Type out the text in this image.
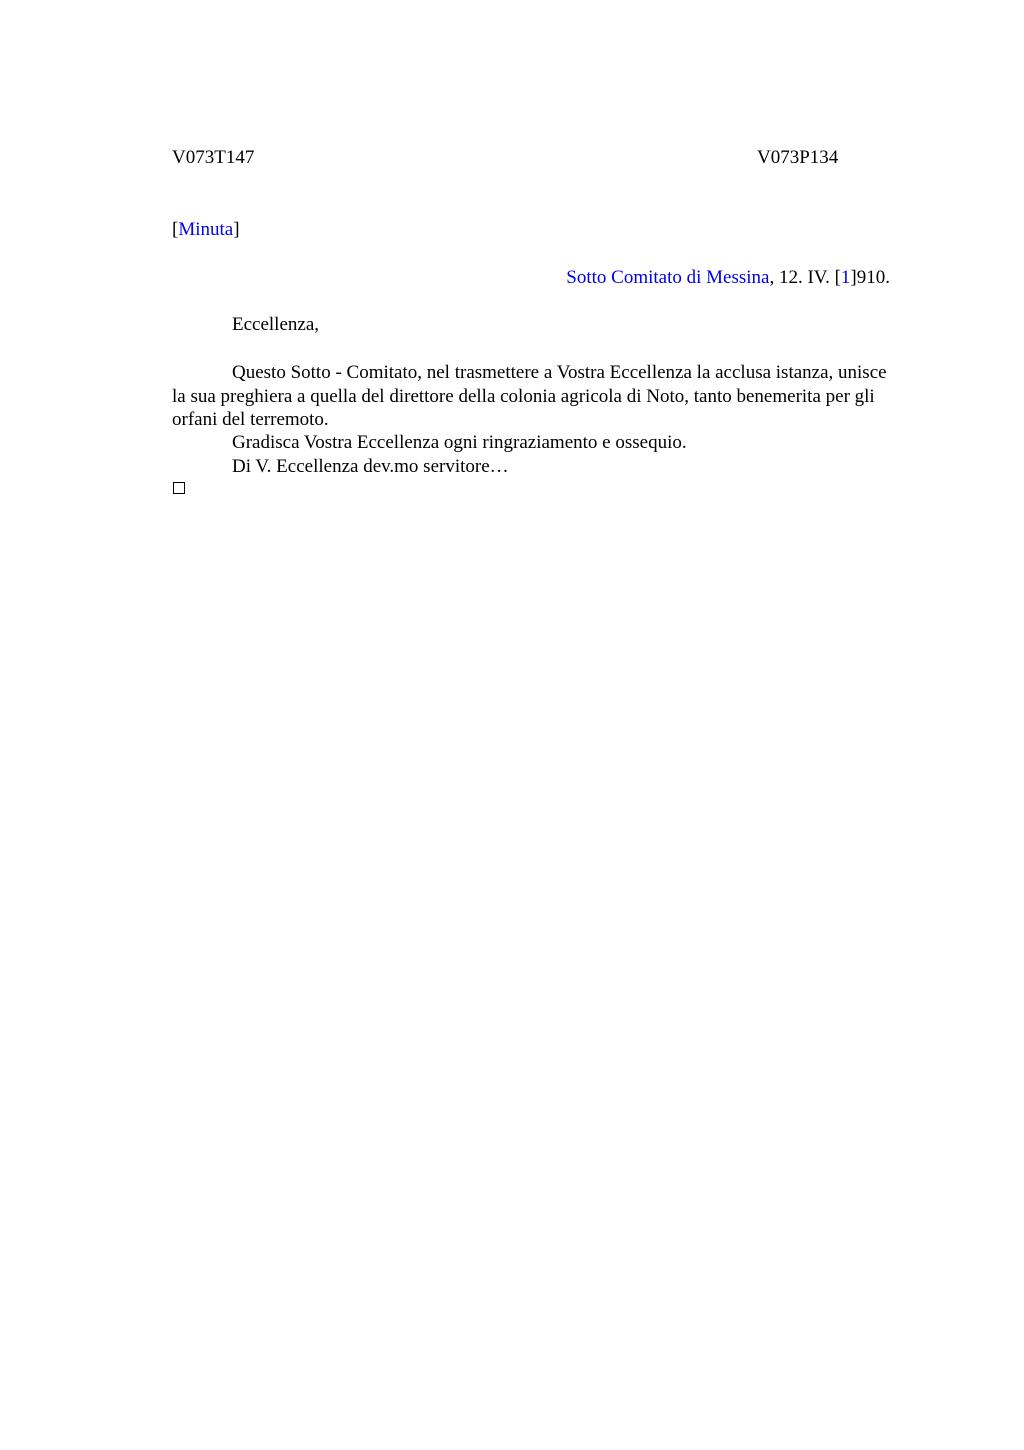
V073T147	V073P134
[Minuta]
Sotto Comitato di Messina, 12. IV. [1]910.
Eccellenza,
Questo Sotto - Comitato, nel trasmettere a Vostra Eccellenza la acclusa istanza, unisce la sua preghiera a quella del direttore della colonia agricola di Noto, tanto benemerita per gli orfani del terremoto.
Gradisca Vostra Eccellenza ogni ringraziamento e ossequio.
Di V. Eccellenza dev.mo servitore…
